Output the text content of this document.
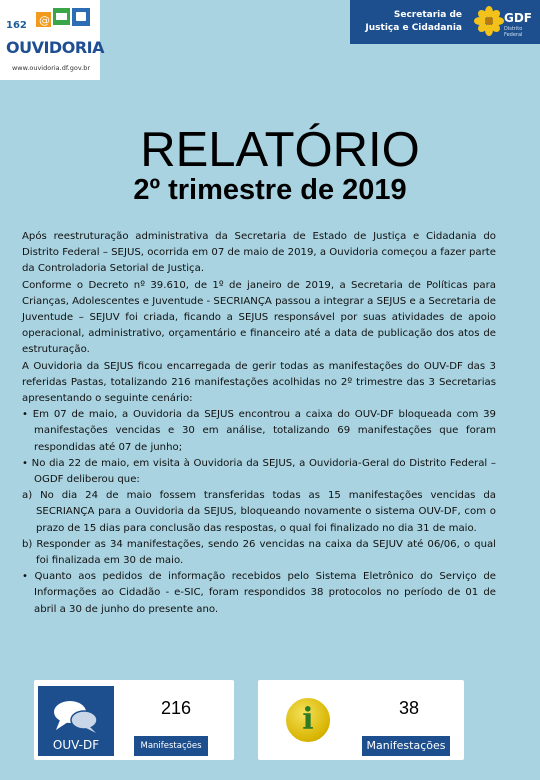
@
162
OUVIDORIA
www.ouvidoria.df.gov.br
Secretaria de
Justiça e Cidadania
GDF
Distrito Federal
RELATÓRIO
2º trimestre de 2019

Após reestruturação administrativa da Secretaria de Estado de Justiça e Cidadania do Distrito Federal – SEJUS, ocorrida em 07 de maio de 2019, a Ouvidoria começou a fazer parte da Controladoria Setorial de Justiça.

Conforme o Decreto nº 39.610, de 1º de janeiro de 2019, a Secretaria de Políticas para Crianças, Adolescentes e Juventude - SECRIANÇA passou a integrar a SEJUS e a Secretaria de Juventude – SEJUV foi criada, ficando a SEJUS responsável por suas atividades de apoio operacional, administrativo, orçamentário e financeiro até a data de publicação dos atos de estruturação.

A Ouvidoria da SEJUS ficou encarregada de gerir todas as manifestações do OUV-DF das 3 referidas Pastas, totalizando 216 manifestações acolhidas no 2º trimestre das 3 Secretarias apresentando o seguinte cenário:

• Em 07 de maio, a Ouvidoria da SEJUS encontrou a caixa do OUV-DF bloqueada com 39 manifestações vencidas e 30 em análise, totalizando 69 manifestações que foram respondidas até 07 de junho;

• No dia 22 de maio, em visita à Ouvidoria da SEJUS, a Ouvidoria-Geral do Distrito Federal – OGDF deliberou que:

a) No dia 24 de maio fossem transferidas todas as 15 manifestações vencidas da SECRIANÇA para a Ouvidoria da SEJUS, bloqueando novamente o sistema OUV-DF, com o prazo de 15 dias para conclusão das respostas, o qual foi finalizado no dia 31 de maio.

b) Responder as 34 manifestações, sendo 26 vencidas na caixa da SEJUV até 06/06, o qual foi finalizada em 30 de maio.

• Quanto aos pedidos de informação recebidos pelo Sistema Eletrônico do Serviço de Informações ao Cidadão - e-SIC, foram respondidos 38 protocolos no período de 01 de abril a 30 de junho do presente ano.

OUV-DF
216
Manifestações
i	38
Manifestações
